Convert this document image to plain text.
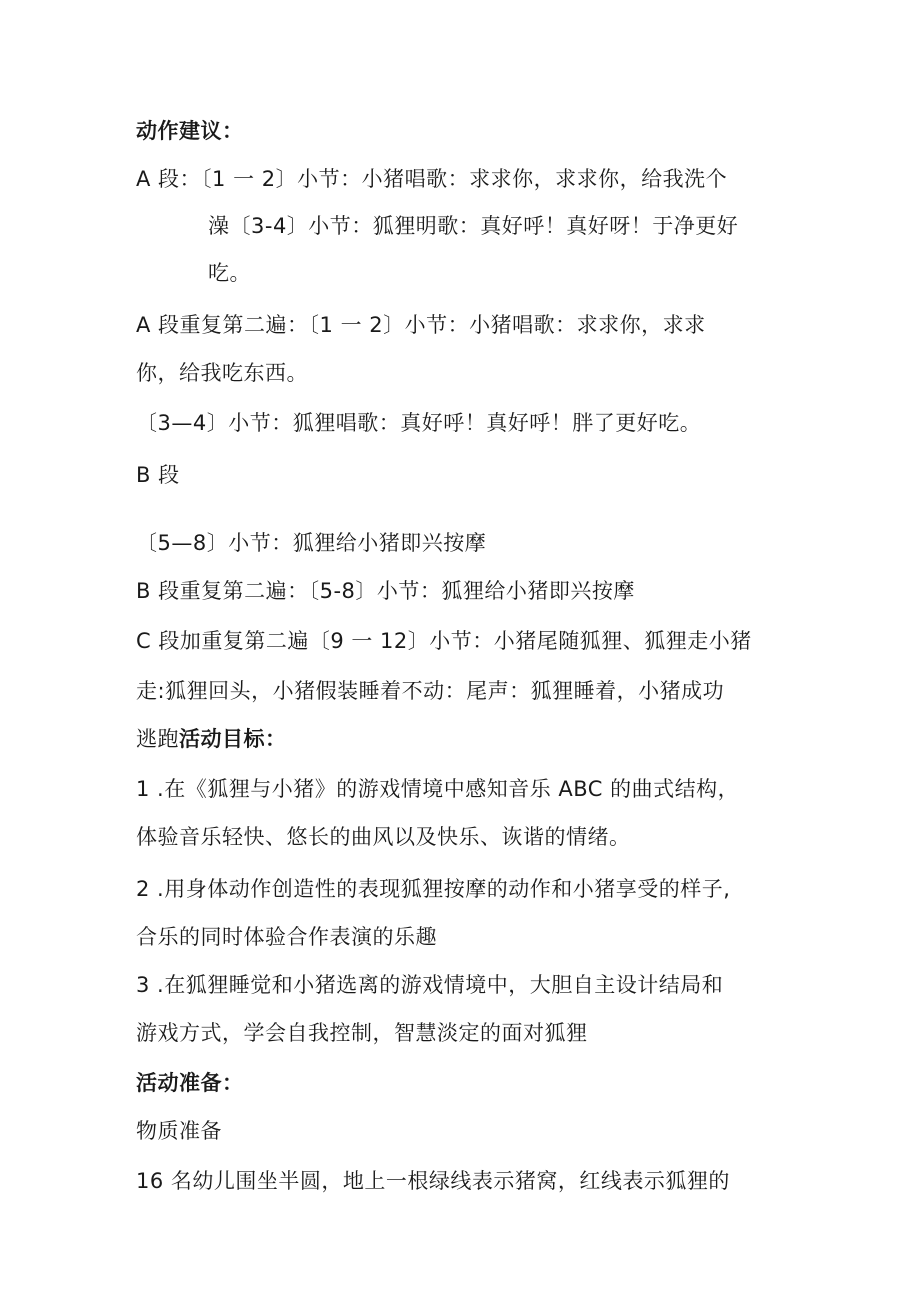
动作建议：
A 段：〔1 一 2〕小节：小猪唱歌：求求你，求求你，给我洗个
澡〔3-4〕小节：狐狸明歌：真好呼！真好呀！于净更好
吃。
A 段重复第二遍：〔1 一 2〕小节：小猪唱歌：求求你，求求
你，给我吃东西。
〔3—4〕小节：狐狸唱歌：真好呼！真好呼！胖了更好吃。
B 段
〔5—8〕小节：狐狸给小猪即兴按摩
B 段重复第二遍：〔5-8〕小节：狐狸给小猪即兴按摩
C 段加重复第二遍〔9 一 12〕小节：小猪尾随狐狸、狐狸走小猪
走:狐狸回头，小猪假装睡着不动：尾声：狐狸睡着，小猪成功
逃跑活动目标：
1 .在《狐狸与小猪》的游戏情境中感知音乐 ABC 的曲式结构，
体验音乐轻快、悠长的曲风以及快乐、诙谐的情绪。
2 .用身体动作创造性的表现狐狸按摩的动作和小猪享受的样子,
合乐的同时体验合作表演的乐趣
3 .在狐狸睡觉和小猪选离的游戏情境中，大胆自主设计结局和
游戏方式，学会自我控制，智慧淡定的面对狐狸
活动准备：
物质准备
16 名幼儿围坐半圆，地上一根绿线表示猪窝，红线表示狐狸的
